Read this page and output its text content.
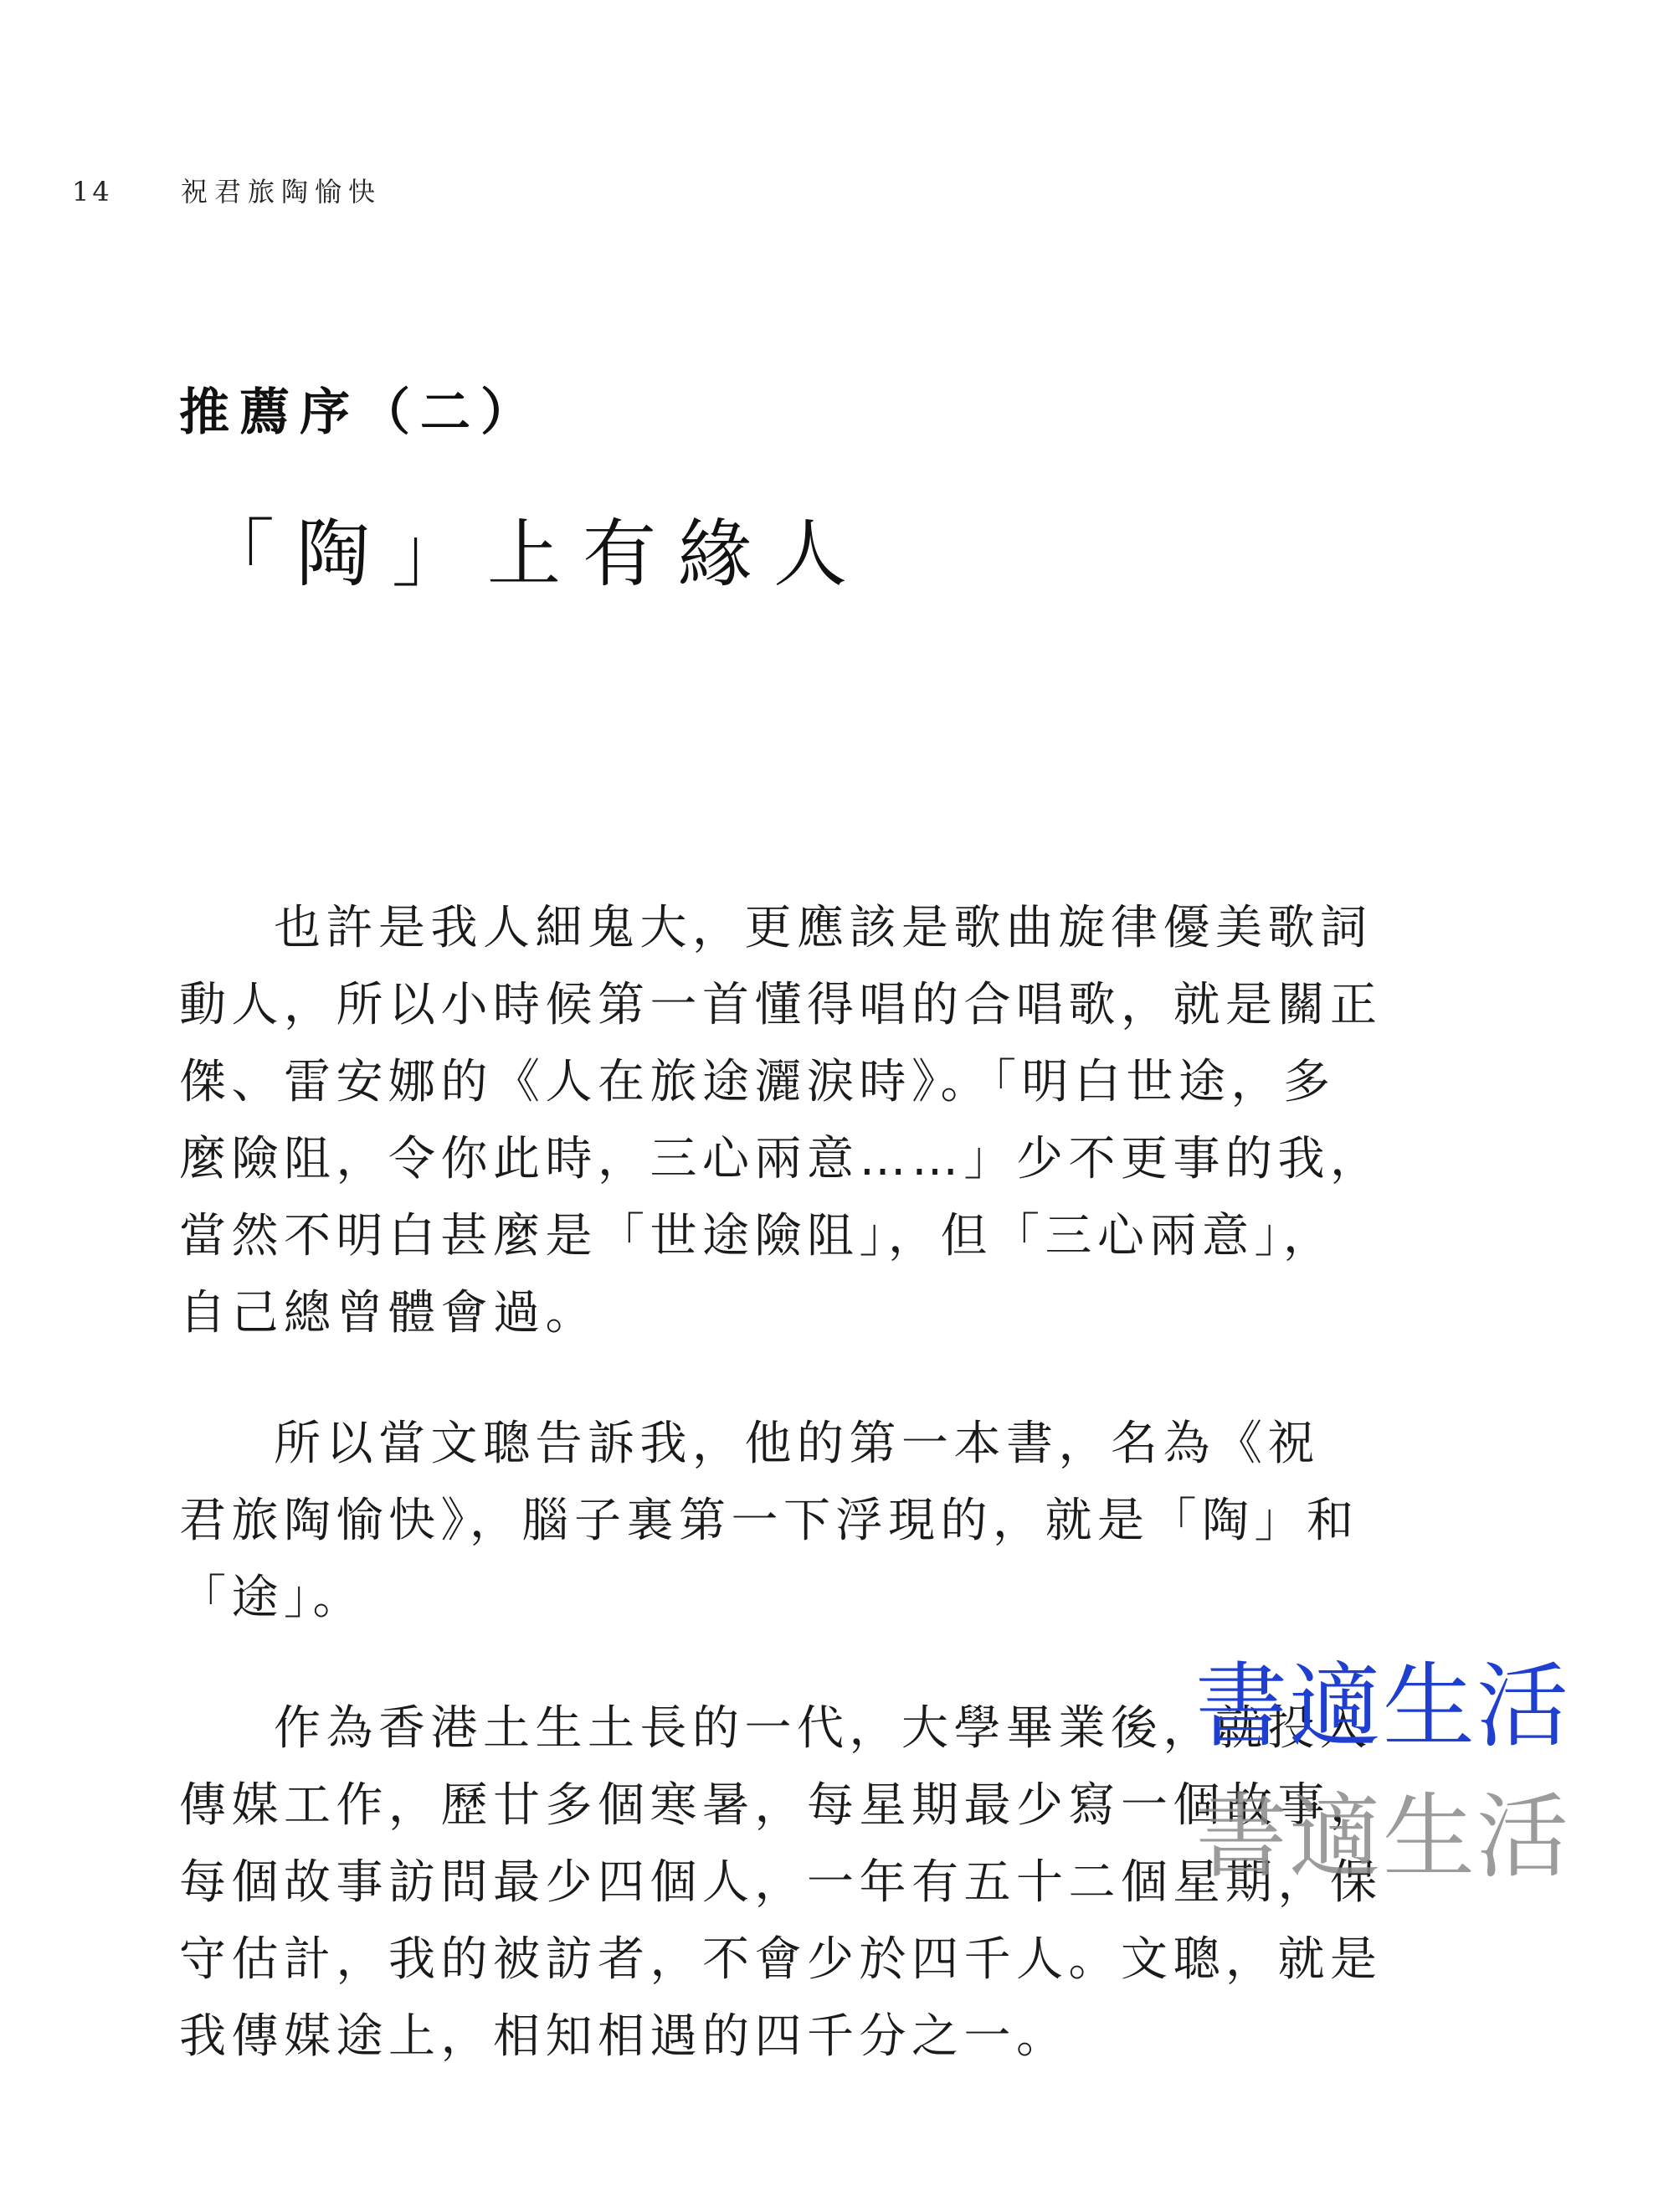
14	祝君旅陶愉快
推薦序（二）
「陶」上有緣人
也許是我人細鬼大，更應該是歌曲旋律優美歌詞
動人，所以小時候第一首懂得唱的合唱歌，就是關正
傑、雷安娜的《人在旅途灑淚時》。「明白世途，多
麼險阻，令你此時，三心兩意……」少不更事的我，
當然不明白甚麼是「世途險阻」，但「三心兩意」，
自己總曾體會過。
所以當文聰告訴我，他的第一本書，名為《祝
君旅陶愉快》，腦子裏第一下浮現的，就是「陶」和
「途」。
作為香港土生土長的一代，大學畢業後，就投入
傳媒工作，歷廿多個寒暑，每星期最少寫一個故事，
每個故事訪問最少四個人，一年有五十二個星期，保
守估計，我的被訪者，不會少於四千人。文聰，就是
我傳媒途上，相知相遇的四千分之一。
書適生活
書適生活
